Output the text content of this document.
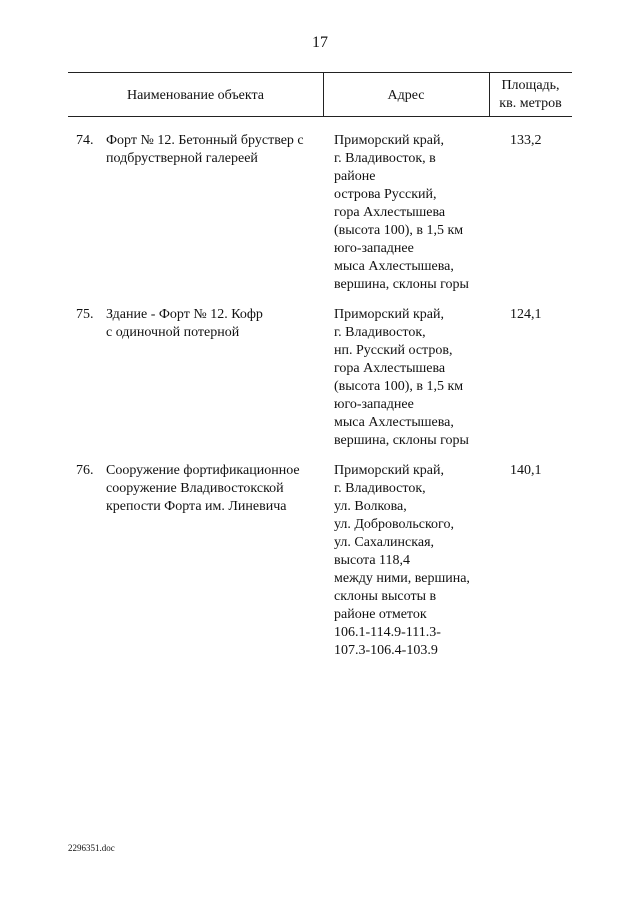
17
Наименование объекта	Адрес
Площадь,
кв. метров
74. Форт № 12. Бетонный бруствер с
подбрустверной галереей
Приморский край,
г. Владивосток, в
районе
острова Русский,
гора Ахлестышева
(высота 100), в 1,5 км
юго-западнее
мыса Ахлестышева,
вершина, склоны горы
133,2
75. Здание - Форт № 12. Кофр
с одиночной потерной
Приморский край,
г. Владивосток,
нп. Русский остров,
гора Ахлестышева
(высота 100), в 1,5 км
юго-западнее
мыса Ахлестышева,
вершина, склоны горы
124,1
76. Сооружение фортификационное
сооружение Владивостокской
крепости Форта им. Линевича
Приморский край,
г. Владивосток,
ул. Волкова,
ул. Добровольского,
ул. Сахалинская,
высота 118,4
между ними, вершина,
склоны высоты в
районе отметок
106.1-114.9-111.3-
107.3-106.4-103.9
140,1
2296351.doc
